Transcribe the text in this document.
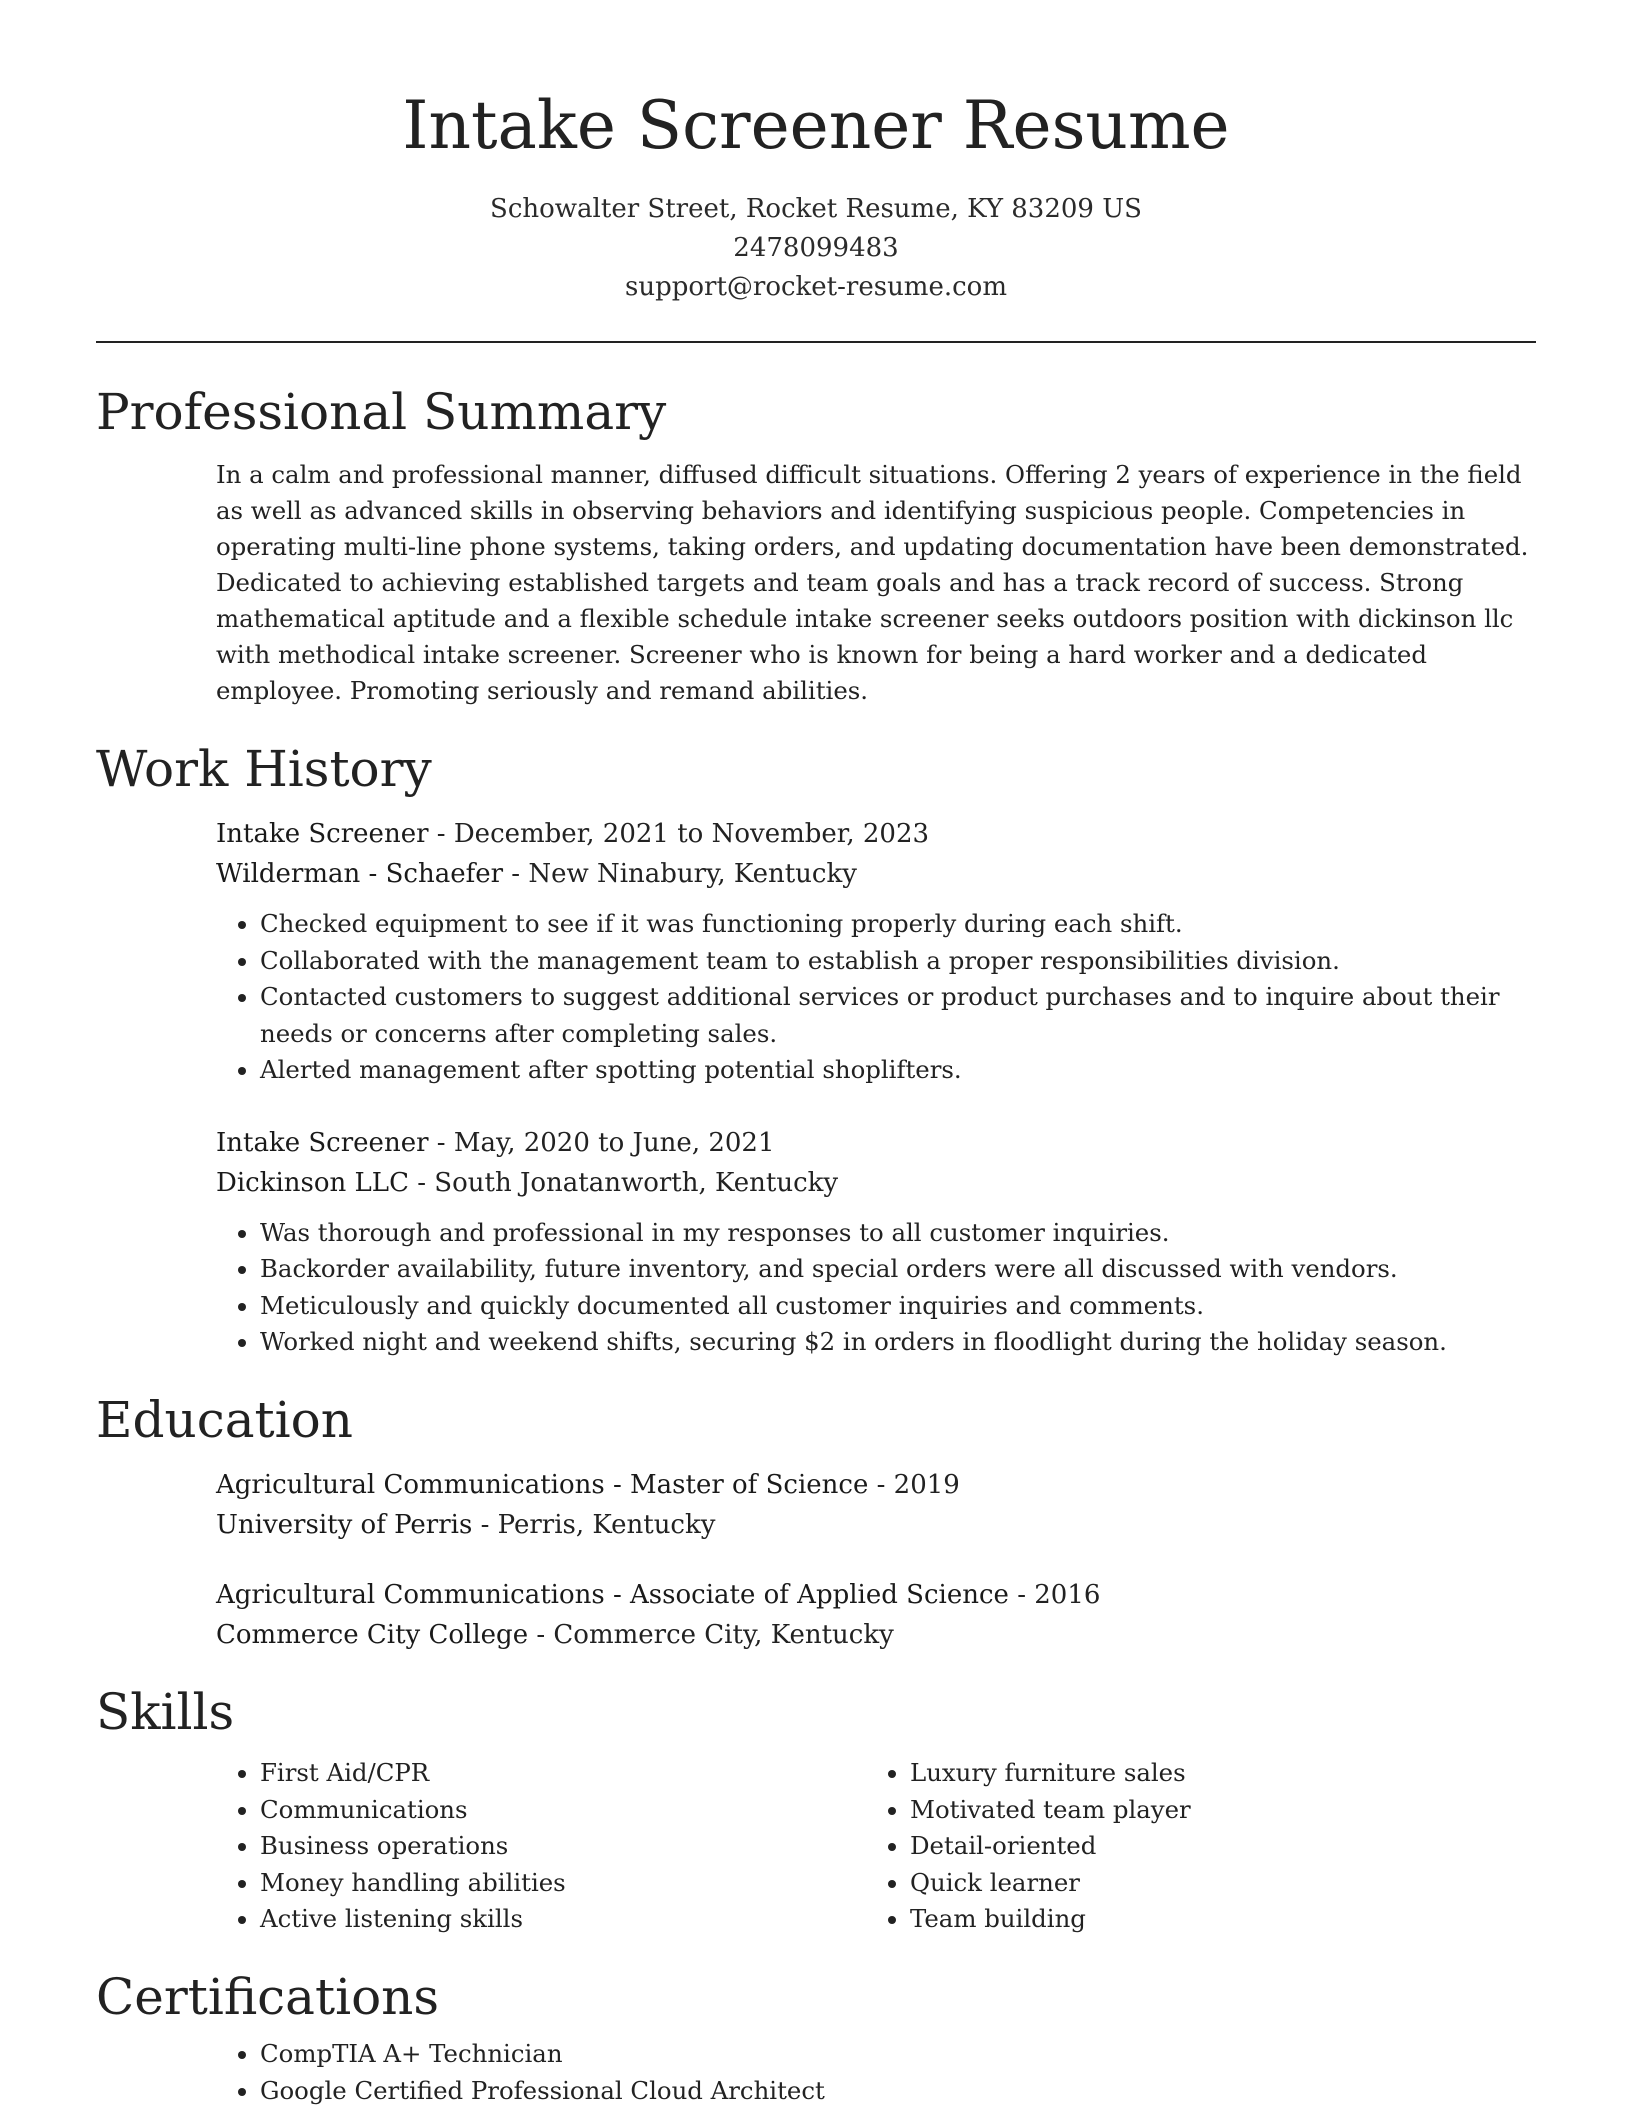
Intake Screener Resume
Schowalter Street, Rocket Resume, KY 83209 US
2478099483
support@rocket-resume.com
Professional Summary

In a calm and professional manner, diffused difficult situations. Offering 2 years of experience in the field as well as advanced skills in observing behaviors and identifying suspicious people. Competencies in operating multi-line phone systems, taking orders, and updating documentation have been demonstrated. Dedicated to achieving established targets and team goals and has a track record of success. Strong mathematical aptitude and a flexible schedule intake screener seeks outdoors position with dickinson llc with methodical intake screener. Screener who is known for being a hard worker and a dedicated employee. Promoting seriously and remand abilities.

Work History
Intake Screener - December, 2021 to November, 2023
Wilderman - Schaefer - New Ninabury, Kentucky
• Checked equipment to see if it was functioning properly during each shift.
• Collaborated with the management team to establish a proper responsibilities division.
• Contacted customers to suggest additional services or product purchases and to inquire about their needs or concerns after completing sales.
• Alerted management after spotting potential shoplifters.
Intake Screener - May, 2020 to June, 2021
Dickinson LLC - South Jonatanworth, Kentucky
• Was thorough and professional in my responses to all customer inquiries.
• Backorder availability, future inventory, and special orders were all discussed with vendors.
• Meticulously and quickly documented all customer inquiries and comments.
• Worked night and weekend shifts, securing $2 in orders in floodlight during the holiday season.
Education
Agricultural Communications - Master of Science - 2019
University of Perris - Perris, Kentucky
Agricultural Communications - Associate of Applied Science - 2016
Commerce City College - Commerce City, Kentucky
Skills
• First Aid/CPR
• Communications
• Business operations
• Money handling abilities
• Active listening skills
• Luxury furniture sales
• Motivated team player
• Detail-oriented
• Quick learner
• Team building
Certifications
• CompTIA A+ Technician
• Google Certified Professional Cloud Architect
